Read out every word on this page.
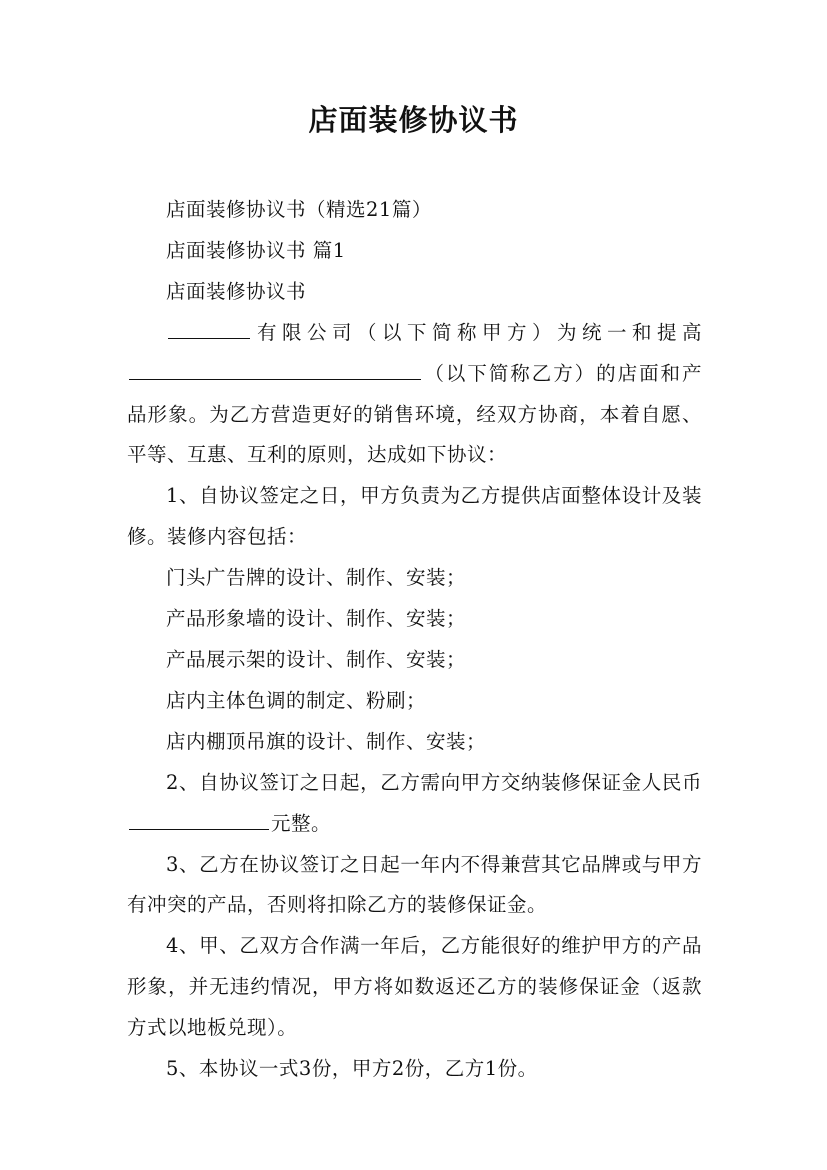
店面装修协议书

店面装修协议书（精选21篇）

店面装修协议书 篇1

店面装修协议书

有限公司（以下简称甲方）为统一和提高（以下简称乙方）的店面和产品形象。为乙方营造更好的销售环境，经双方协商，本着自愿、平等、互惠、互利的原则，达成如下协议：

1、自协议签定之日，甲方负责为乙方提供店面整体设计及装修。装修内容包括：

门头广告牌的设计、制作、安装；

产品形象墙的设计、制作、安装；

产品展示架的设计、制作、安装；

店内主体色调的制定、粉刷；

店内棚顶吊旗的设计、制作、安装；

2、自协议签订之日起，乙方需向甲方交纳装修保证金人民币元整。

3、乙方在协议签订之日起一年内不得兼营其它品牌或与甲方有冲突的产品，否则将扣除乙方的装修保证金。

4、甲、乙双方合作满一年后，乙方能很好的维护甲方的产品形象，并无违约情况，甲方将如数返还乙方的装修保证金（返款方式以地板兑现）。

5、本协议一式3份，甲方2份，乙方1份。
